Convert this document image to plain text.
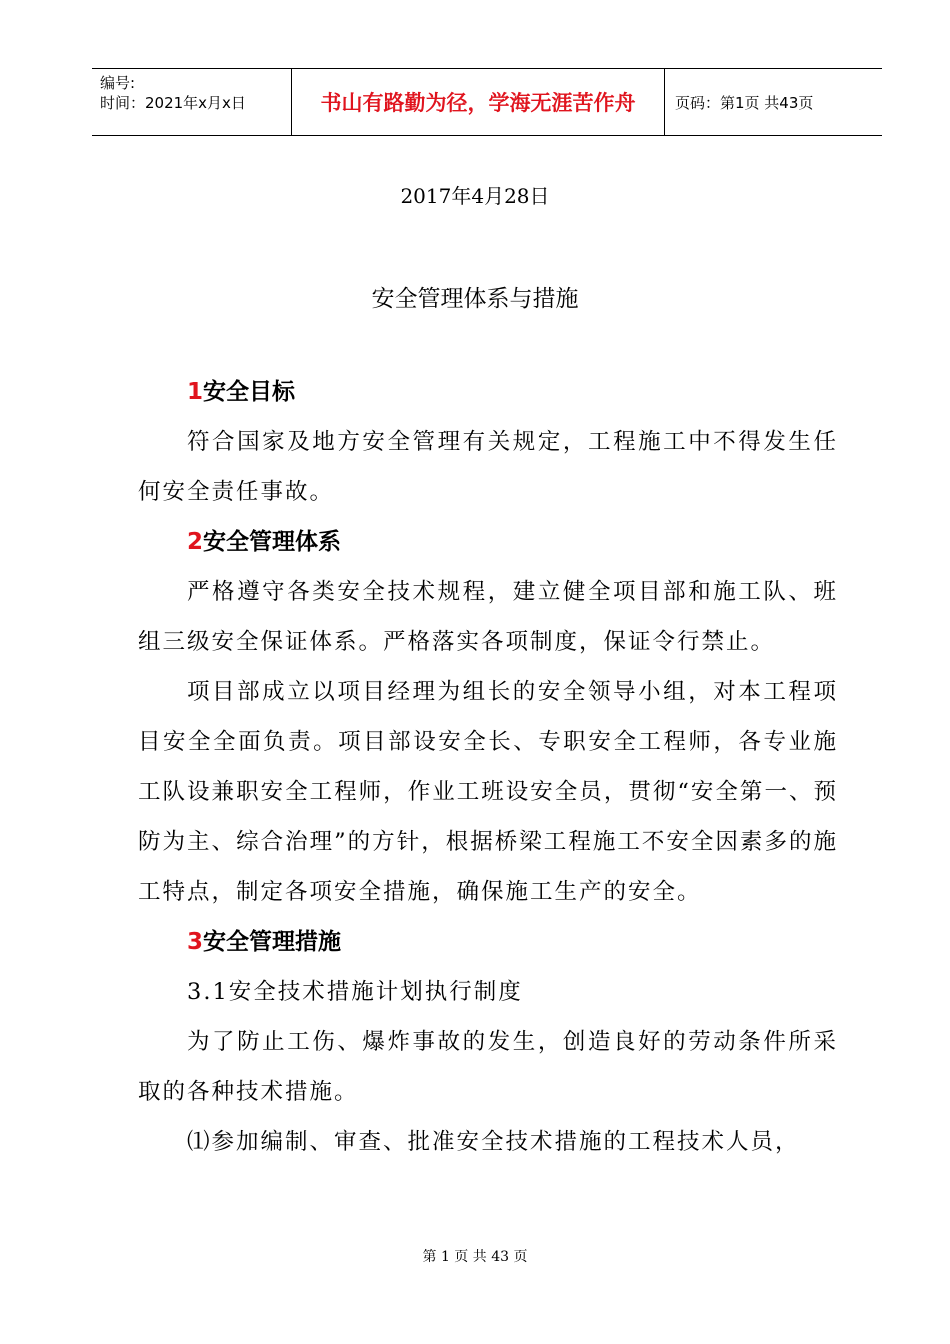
编号:
时间：2021年x月x日	书山有路勤为径，学海无涯苦作舟	页码：第1页 共43页
2017年4月28日
安全管理体系与措施

1安全目标

符合国家及地方安全管理有关规定，工程施工中不得发生任何安全责任事故。

2安全管理体系

严格遵守各类安全技术规程，建立健全项目部和施工队、班组三级安全保证体系。严格落实各项制度，保证令行禁止。

项目部成立以项目经理为组长的安全领导小组，对本工程项目安全全面负责。项目部设安全长、专职安全工程师，各专业施工队设兼职安全工程师，作业工班设安全员，贯彻“安全第一、预防为主、综合治理”的方针，根据桥梁工程施工不安全因素多的施工特点，制定各项安全措施，确保施工生产的安全。

3安全管理措施

3.1安全技术措施计划执行制度

为了防止工伤、爆炸事故的发生，创造良好的劳动条件所采取的各种技术措施。

⑴参加编制、审查、批准安全技术措施的工程技术人员，

第 1 页 共 43 页
